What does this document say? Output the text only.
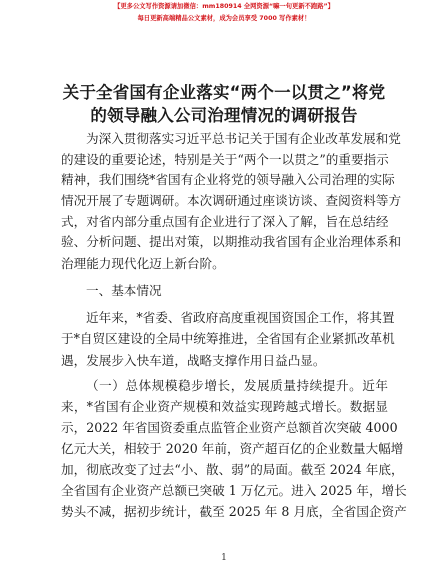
【更多公文写作资源请加微信：mm180914 全网资源“嘛一句更新不跑路”】
每日更新高端精品公文素材，成为会员享受 7000 写作素材！
关于全省国有企业落实“两个一以贯之”将党
的领导融入公司治理情况的调研报告
为深入贯彻落实习近平总书记关于国有企业改革发展和党
的建设的重要论述，特别是关于“两个一以贯之”的重要指示
精神，我们围绕*省国有企业将党的领导融入公司治理的实际
情况开展了专题调研。本次调研通过座谈访谈、查阅资料等方
式，对省内部分重点国有企业进行了深入了解，旨在总结经
验、分析问题、提出对策，以期推动我省国有企业治理体系和
治理能力现代化迈上新台阶。
一、基本情况
近年来，*省委、省政府高度重视国资国企工作，将其置
于*自贸区建设的全局中统筹推进，全省国有企业紧抓改革机
遇，发展步入快车道，战略支撑作用日益凸显。
（一）总体规模稳步增长，发展质量持续提升。近年
来，*省国有企业资产规模和效益实现跨越式增长。数据显
示，2022 年省国资委重点监管企业资产总额首次突破 4000
亿元大关，相较于 2020 年前，资产超百亿的企业数量大幅增
加，彻底改变了过去“小、散、弱”的局面。截至 2024 年底，
全省国有企业资产总额已突破 1 万亿元。进入 2025 年，增长
势头不减，据初步统计，截至 2025 年 8 月底，全省国企资产
1
